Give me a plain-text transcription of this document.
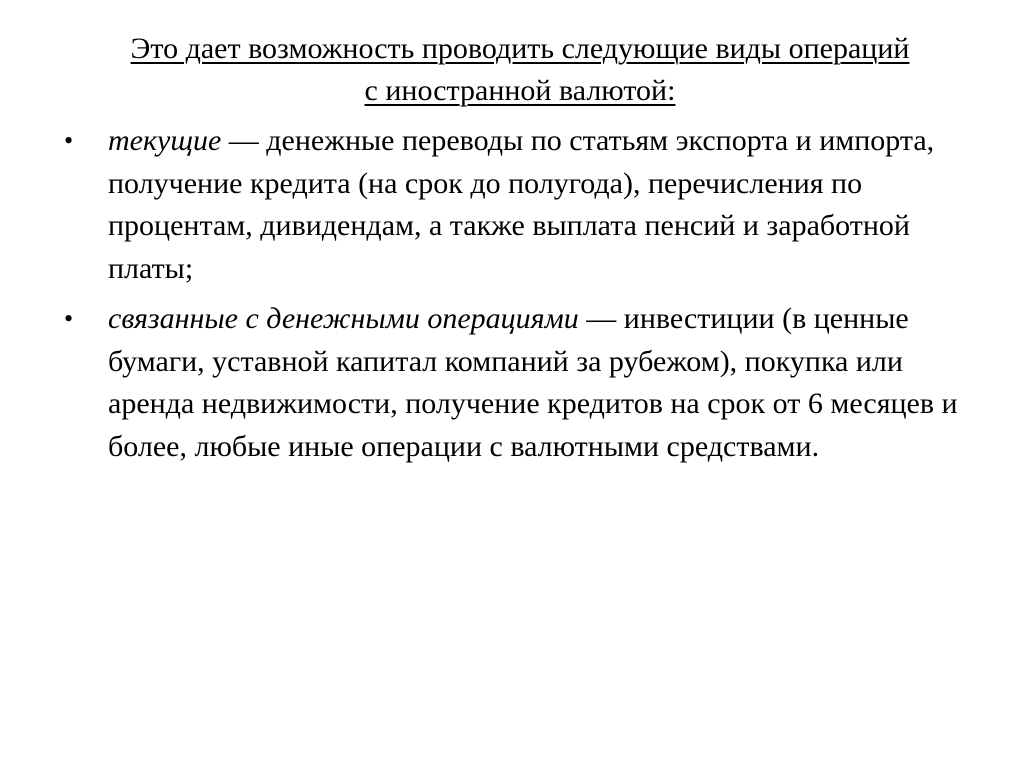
Это дает возможность проводить следующие виды операций
с иностранной валютой:
• текущие — денежные переводы по статьям экспорта и импорта, получение кредита (на срок до полугода), перечисления по процентам, дивидендам, а также выплата пенсий и заработной платы;
• связанные с денежными операциями — инвестиции (в ценные бумаги, уставной капитал компаний за рубежом), покупка или аренда недвижимости, получение кредитов на срок от 6 месяцев и более, любые иные операции с валютными средствами.
